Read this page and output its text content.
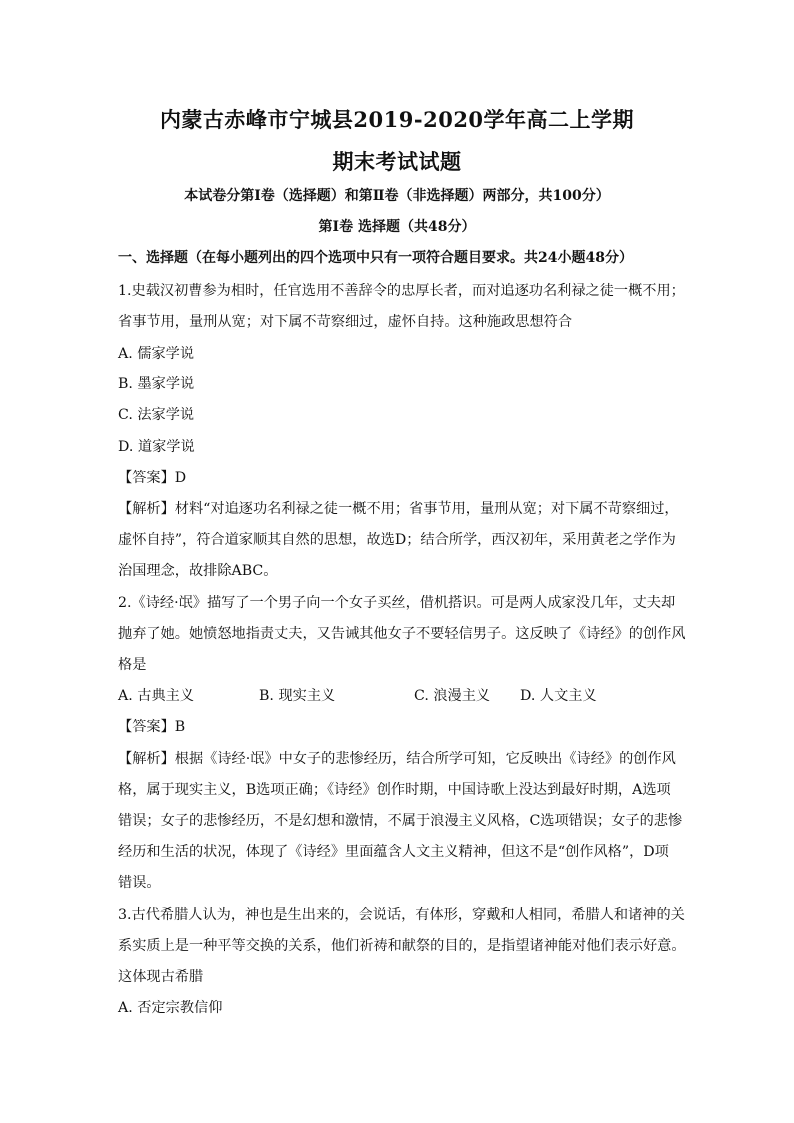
内蒙古赤峰市宁城县2019-2020学年高二上学期
期末考试试题
本试卷分第Ⅰ卷（选择题）和第Ⅱ卷（非选择题）两部分，共100分）
第Ⅰ卷 选择题（共48分）
一、选择题（在每小题列出的四个选项中只有一项符合题目要求。共24小题48分）
1.史载汉初曹参为相时，任官选用不善辞令的忠厚长者，而对追逐功名利禄之徒一概不用；
省事节用，量刑从宽；对下属不苛察细过，虚怀自持。这种施政思想符合
A. 儒家学说
B. 墨家学说
C. 法家学说
D. 道家学说
【答案】D
【解析】材料“对追逐功名利禄之徒一概不用；省事节用，量刑从宽；对下属不苛察细过，
虚怀自持”，符合道家顺其自然的思想，故选D；结合所学，西汉初年，采用黄老之学作为
治国理念，故排除ABC。
2.《诗经·氓》描写了一个男子向一个女子买丝，借机搭识。可是两人成家没几年，丈夫却
抛弃了她。她愤怒地指责丈夫，又告诫其他女子不要轻信男子。这反映了《诗经》的创作风
格是
A. 古典主义	B. 现实主义	C. 浪漫主义 D. 人文主义
【答案】B
【解析】根据《诗经·氓》中女子的悲惨经历，结合所学可知，它反映出《诗经》的创作风
格，属于现实主义，B选项正确；《诗经》创作时期，中国诗歌上没达到最好时期，A选项
错误；女子的悲惨经历，不是幻想和激情，不属于浪漫主义风格，C选项错误；女子的悲惨
经历和生活的状况，体现了《诗经》里面蕴含人文主义精神，但这不是“创作风格”，D项
错误。
3.古代希腊人认为，神也是生出来的，会说话，有体形，穿戴和人相同，希腊人和诸神的关
系实质上是一种平等交换的关系，他们祈祷和献祭的目的，是指望诸神能对他们表示好意。
这体现古希腊
A. 否定宗教信仰
